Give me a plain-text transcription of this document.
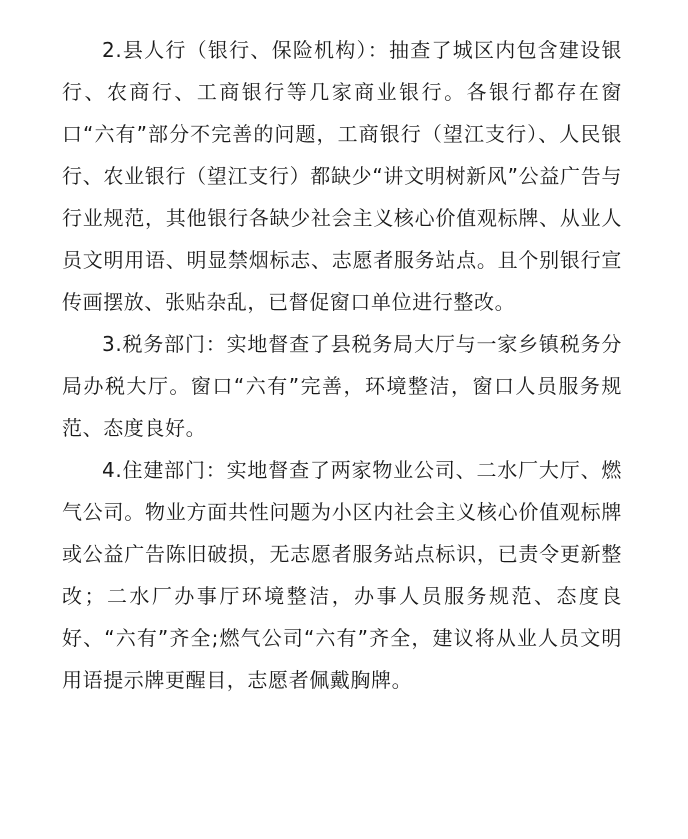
2.县人行（银行、保险机构）：抽查了城区内包含建设银行、农商行、工商银行等几家商业银行。各银行都存在窗口“六有”部分不完善的问题，工商银行（望江支行）、人民银行、农业银行（望江支行）都缺少“讲文明树新风”公益广告与行业规范，其他银行各缺少社会主义核心价值观标牌、从业人员文明用语、明显禁烟标志、志愿者服务站点。且个别银行宣传画摆放、张贴杂乱，已督促窗口单位进行整改。

3.税务部门：实地督查了县税务局大厅与一家乡镇税务分局办税大厅。窗口“六有”完善，环境整洁，窗口人员服务规范、态度良好。

4.住建部门：实地督查了两家物业公司、二水厂大厅、燃气公司。物业方面共性问题为小区内社会主义核心价值观标牌或公益广告陈旧破损，无志愿者服务站点标识，已责令更新整改；二水厂办事厅环境整洁，办事人员服务规范、态度良好、“六有”齐全;燃气公司“六有”齐全，建议将从业人员文明用语提示牌更醒目，志愿者佩戴胸牌。
